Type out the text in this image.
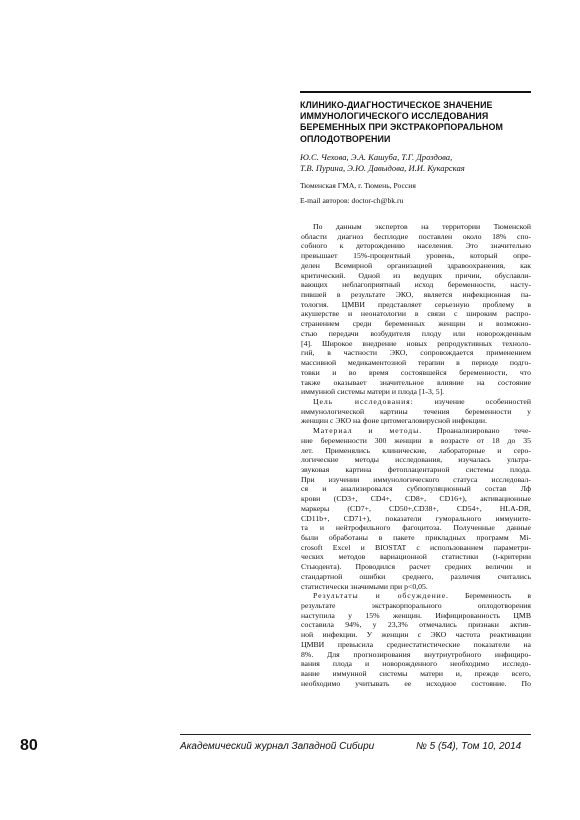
КЛИНИКО-ДИАГНОСТИЧЕСКОЕ ЗНАЧЕНИЕ
ИММУНОЛОГИЧЕСКОГО ИССЛЕДОВАНИЯ
БЕРЕМЕННЫХ ПРИ ЭКСТРАКОРПОРАЛЬНОМ
ОПЛОДОТВОРЕНИИ
Ю.С. Чехова, Э.А. Кашуба, Т.Г. Дроздова,
Т.В. Пурина, Э.Ю. Давыдова, И.И. Кукарская
Тюменская ГМА, г. Тюмень, Россия
E-mail авторов: doctor-ch@bk.ru
По данным экспертов на территории Тюменской
области диагноз бесплодие поставлен около 18% спо-
собного к деторождению населения. Это значительно
превышает 15%-процентный уровень, который опре-
делен Всемирной организацией здравоохранения, как
критический. Одной из ведущих причин, обуславли-
вающих неблагоприятный исход беременности, насту-
пившей в результате ЭКО, является инфекционная па-
тология. ЦМВИ представляет серьезную проблему в
акушерстве и неонатологии в связи с широким распро-
странением среди беременных женщин и возможно-
стью передачи возбудителя плоду или новорожденным
[4]. Широкое внедрение новых репродуктивных техноло-
гий, в частности ЭКО, сопровождается применением
массивной медикаментозной терапии в периоде подго-
товки и во время состоявшейся беременности, что
также оказывает значительное влияние на состояние
иммунной системы матери и плода [1-3, 5].
Цель исследования: изучение особенностей
иммунологической картины течения беременности у
женщин с ЭКО на фоне цитомегаловирусной инфекции.
Материал и методы. Проанализировано тече-
ние беременности 300 женщин в возрасте от 18 до 35
лет. Применялись клинические, лабораторные и серо-
логические методы исследования, изучалась ультра-
звуковая картина фетоплацентарной системы плода.
При изучении иммунологического статуса исследовал-
ся и анализировался субпопуляционный состав Лф
крови (CD3+, CD4+, CD8+, CD16+), активационные
маркеры (CD7+, CD50+,CD38+, CD54+, HLA-DR,
CD11b+, CD71+), показатели гуморального иммуните-
та и нейтрофильного фагоцитоза. Полученные данные
были обработаны в пакете прикладных программ Mi-
crosoft Excel и BIOSTAT с использованием параметри-
ческих методов вариационной статистики (t-критерии
Стьюдента). Проводился расчет средних величин и
стандартной ошибки среднего, различия считались
статистически значимыми при p<0,05.
Результаты и обсуждение. Беременность в
результате экстракорпорального оплодотворения
наступила у 15% женщин. Инфицированность ЦМВ
составила 94%, у 23,3% отмечались признаки актив-
ной инфекции. У женщин с ЭКО частота реактивации
ЦМВИ превысила среднестатистические показатели на
8%. Для прогнозирования внутриутробного инфициро-
вания плода и новорожденного необходимо исследо-
вание иммунной системы матери и, прежде всего,
необходимо учитывать ее исходное состояние. По
80	Академический журнал Западной Сибири	№ 5 (54), Том 10, 2014
